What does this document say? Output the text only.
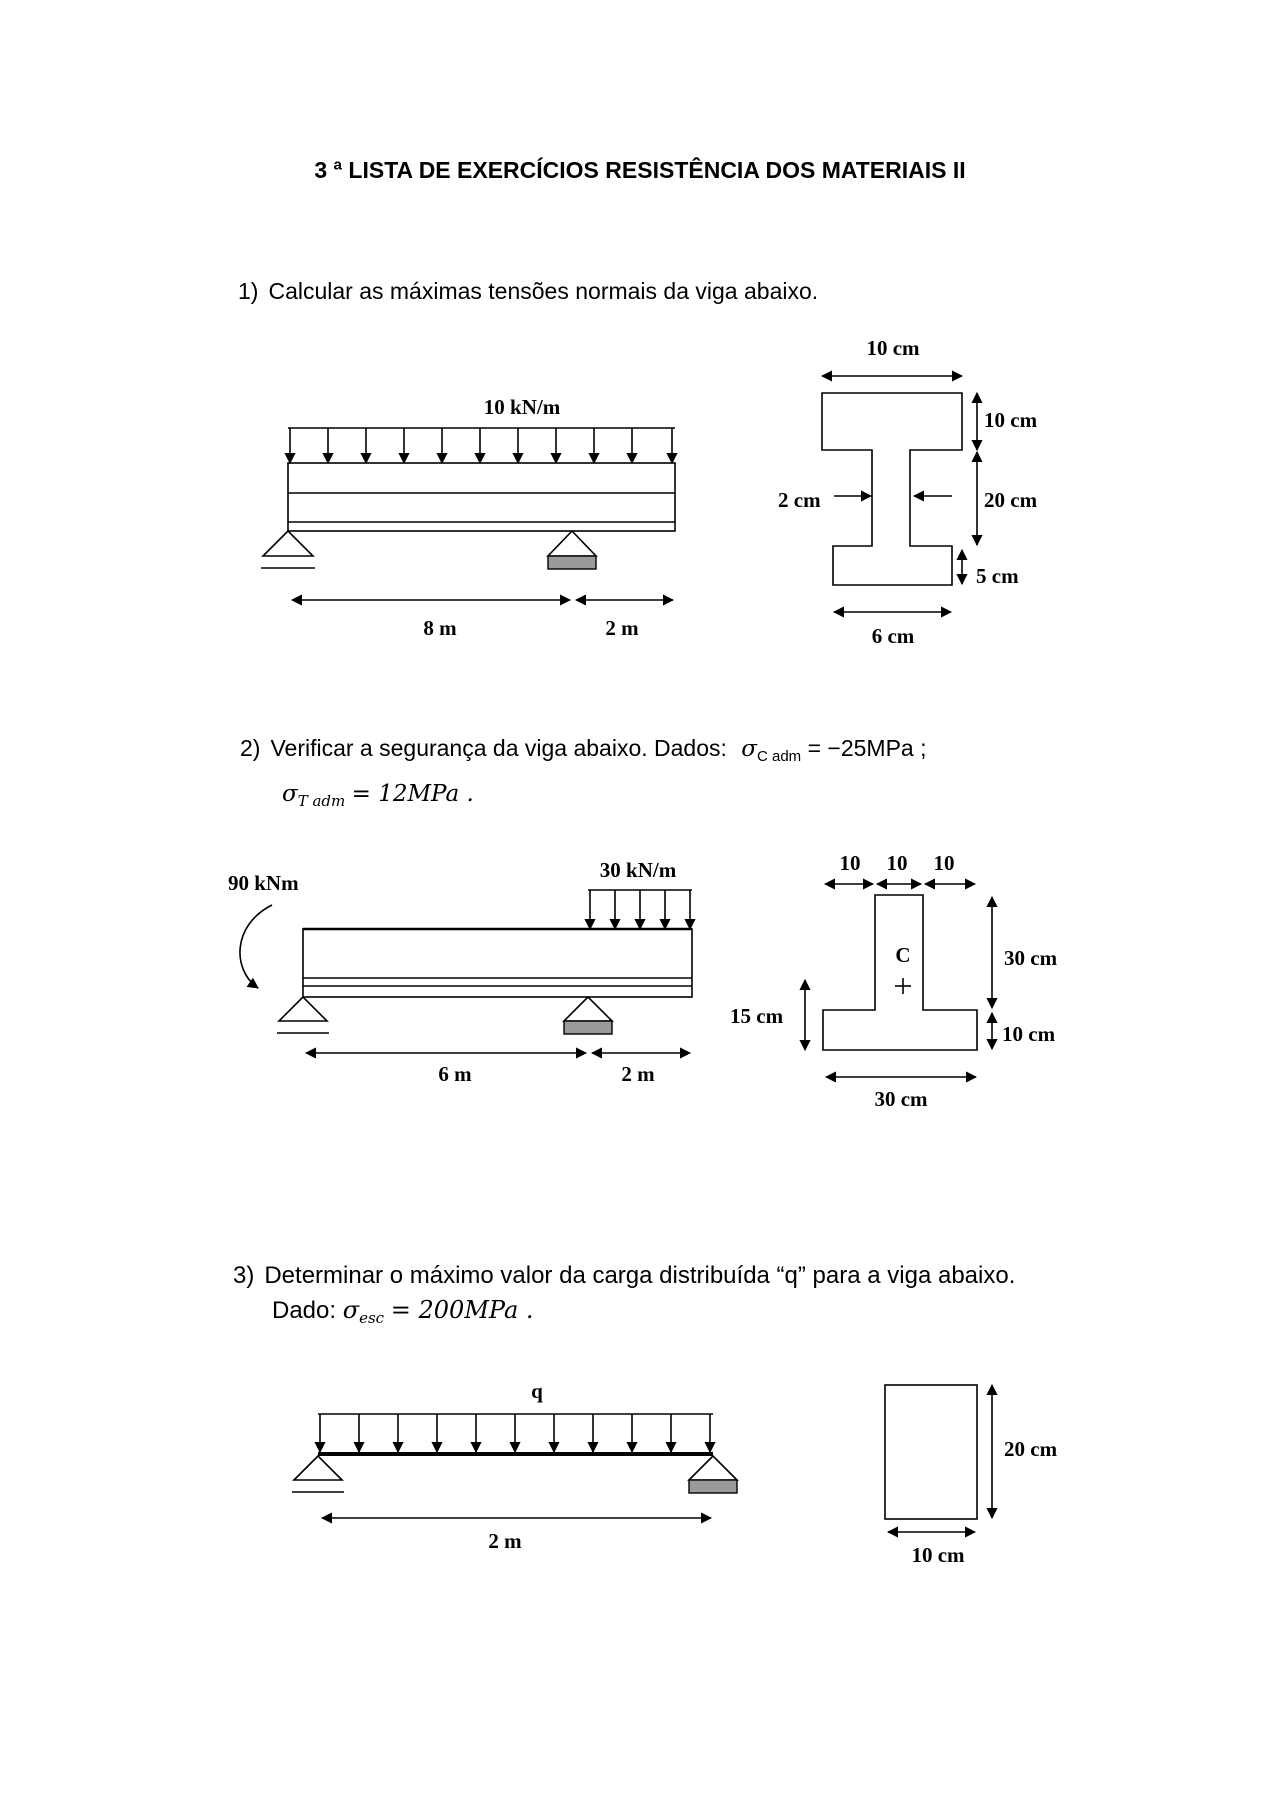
3 ª LISTA DE EXERCÍCIOS RESISTÊNCIA DOS MATERIAIS II
1) Calcular as máximas tensões normais da viga abaixo.
2) Verificar a segurança da viga abaixo. Dados: $\sigma_{C adm} = -25MPa$ ;
$\sigma_{T adm} = 12MPa$ .
3) Determinar o máximo valor da carga distribuída “q” para a viga abaixo.
Dado: $\sigma_{esc} = 200MPa$ .
10 kN/m
8 m	2 m
10 cm
10 cm
20 cm
2 cm
5 cm
6 cm
90 kNm
30 kN/m
6 m	2 m
10 10 10
C	30 cm
15 cm
10 cm
30 cm
q
2 m
20 cm
10 cm
